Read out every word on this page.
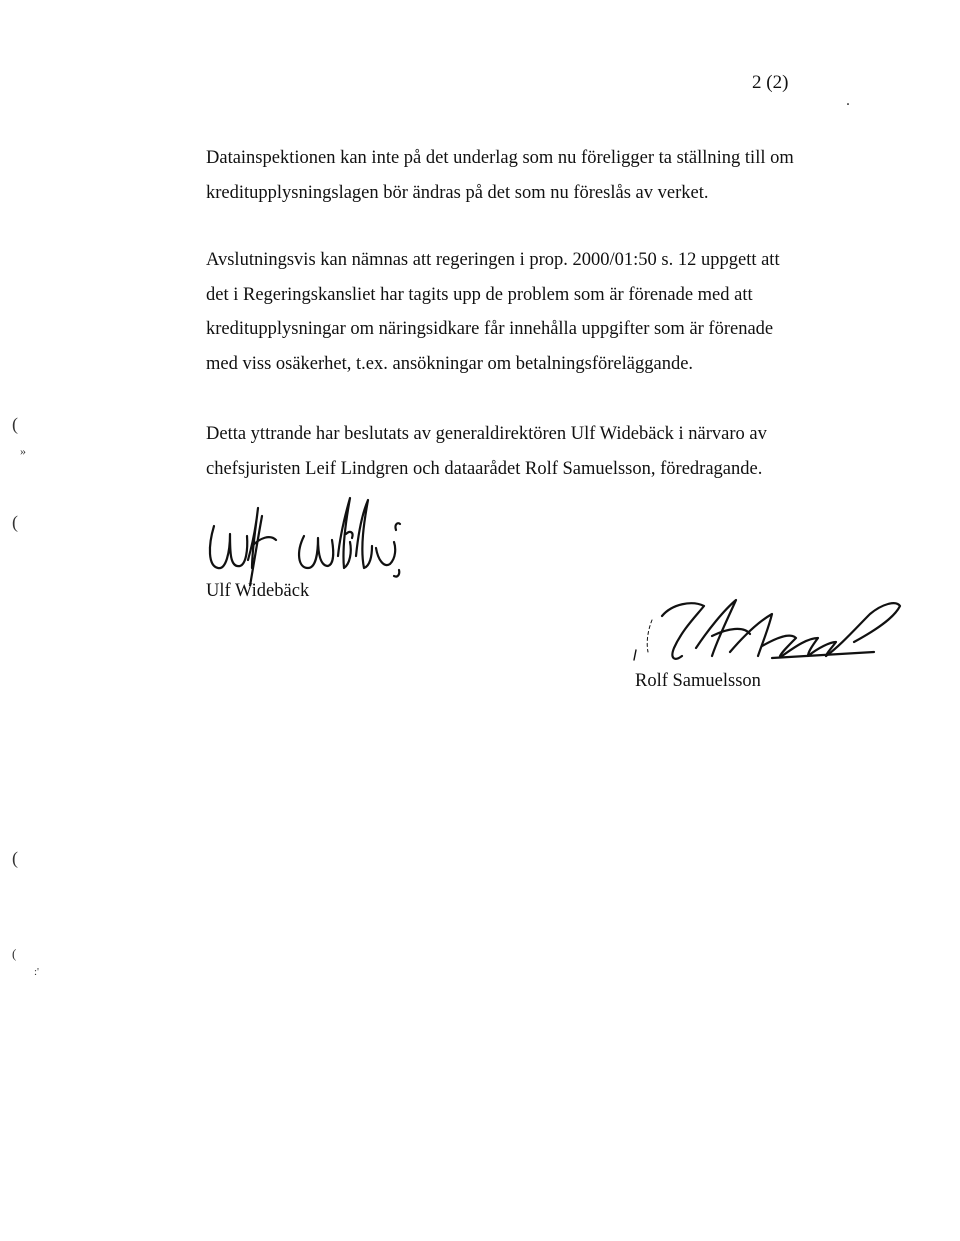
2 (2)

Datainspektionen kan inte på det underlag som nu föreligger ta ställning till om
kreditupplysningslagen bör ändras på det som nu föreslås av verket.

Avslutningsvis kan nämnas att regeringen i prop. 2000/01:50 s. 12 uppgett att
det i Regeringskansliet har tagits upp de problem som är förenade med att
kreditupplysningar om näringsidkare får innehålla uppgifter som är förenade
med viss osäkerhet, t.ex. ansökningar om betalningsföreläggande.

Detta yttrande har beslutats av generaldirektören Ulf Widebäck i närvaro av
chefsjuristen Leif Lindgren och dataarådet Rolf Samuelsson, föredragande.

Ulf Widebäck
Rolf Samuelsson
(
»
(
(
(
:'
.
